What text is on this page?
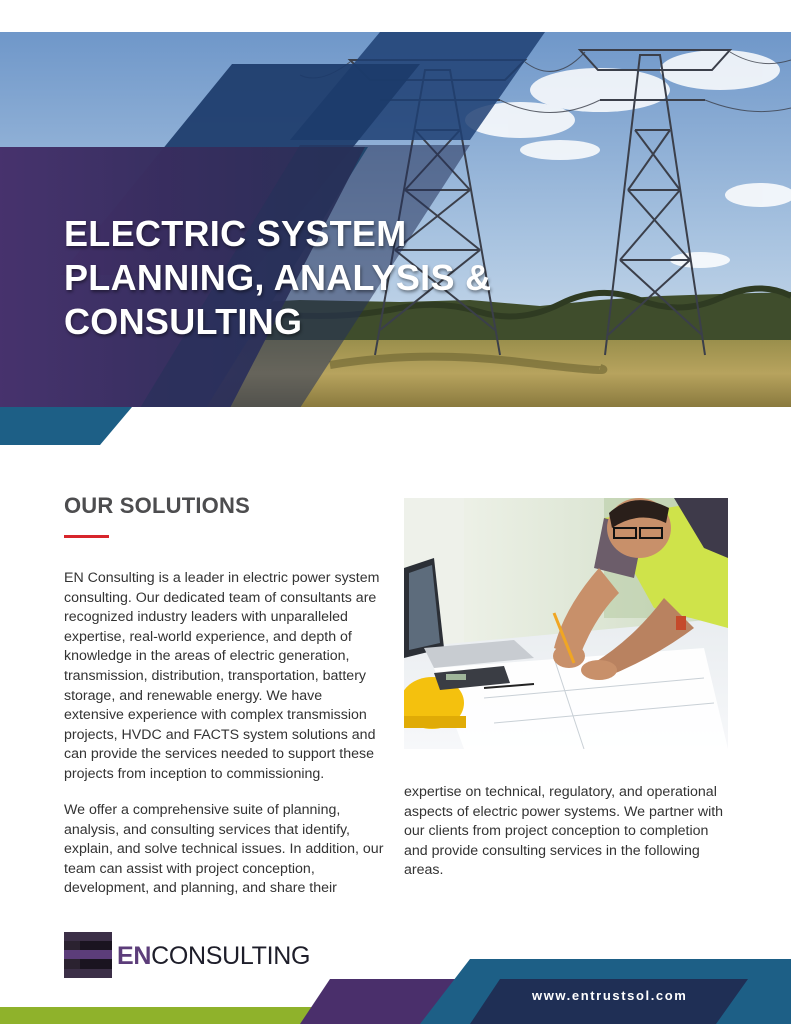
ELECTRIC SYSTEM
PLANNING, ANALYSIS &
CONSULTING
OUR SOLUTIONS

EN Consulting is a leader in electric power system consulting. Our dedicated team of consultants are recognized industry leaders with unparalleled expertise, real-world experience, and depth of knowledge in the areas of electric generation, transmission, distribution, transportation, battery storage, and renewable energy. We have extensive experience with complex transmission projects, HVDC and FACTS system solutions and can provide the services needed to support these projects from inception to commissioning.

We offer a comprehensive suite of planning, analysis, and consulting services that identify, explain, and solve technical issues. In addition, our team can assist with project conception, development, and planning, and share their

expertise on technical, regulatory, and operational aspects of electric power systems. We partner with our clients from project conception to completion and provide consulting services in the following areas.

ENCONSULTING
www.entrustsol.com
